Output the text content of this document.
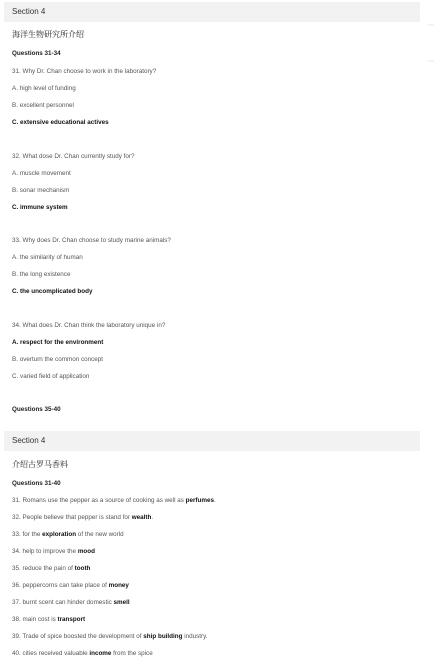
Section 4
海洋生物研究所介绍
Questions 31-34
31. Why Dr. Chan choose to work in the laboratory?
A. high level of funding
B. excellent personnel
C. extensive educational actives
32. What dose Dr. Chan currently study for?
A. muscle movement
B. sonar mechanism
C. immune system
33. Why does Dr. Chan choose to study marine animals?
A. the similarity of human
B. the long existence
C. the uncomplicated body
34. What does Dr. Chan think the laboratory unique in?
A. respect for the environment
B. overturn the common concept
C. varied field of application
Questions 35-40
Section 4
介绍古罗马香料
Questions 31-40
31. Romans use the pepper as a source of cooking as well as perfumes.
32. People believe that pepper is stand for wealth.
33. for the exploration of the new world
34. help to improve the mood
35. reduce the pain of tooth
36. peppercorns can take place of money
37. burnt scent can hinder domestic smell
38. main cost is transport
39. Trade of spice boosted the development of ship building industry.
40. cities received valuable income from the spice
